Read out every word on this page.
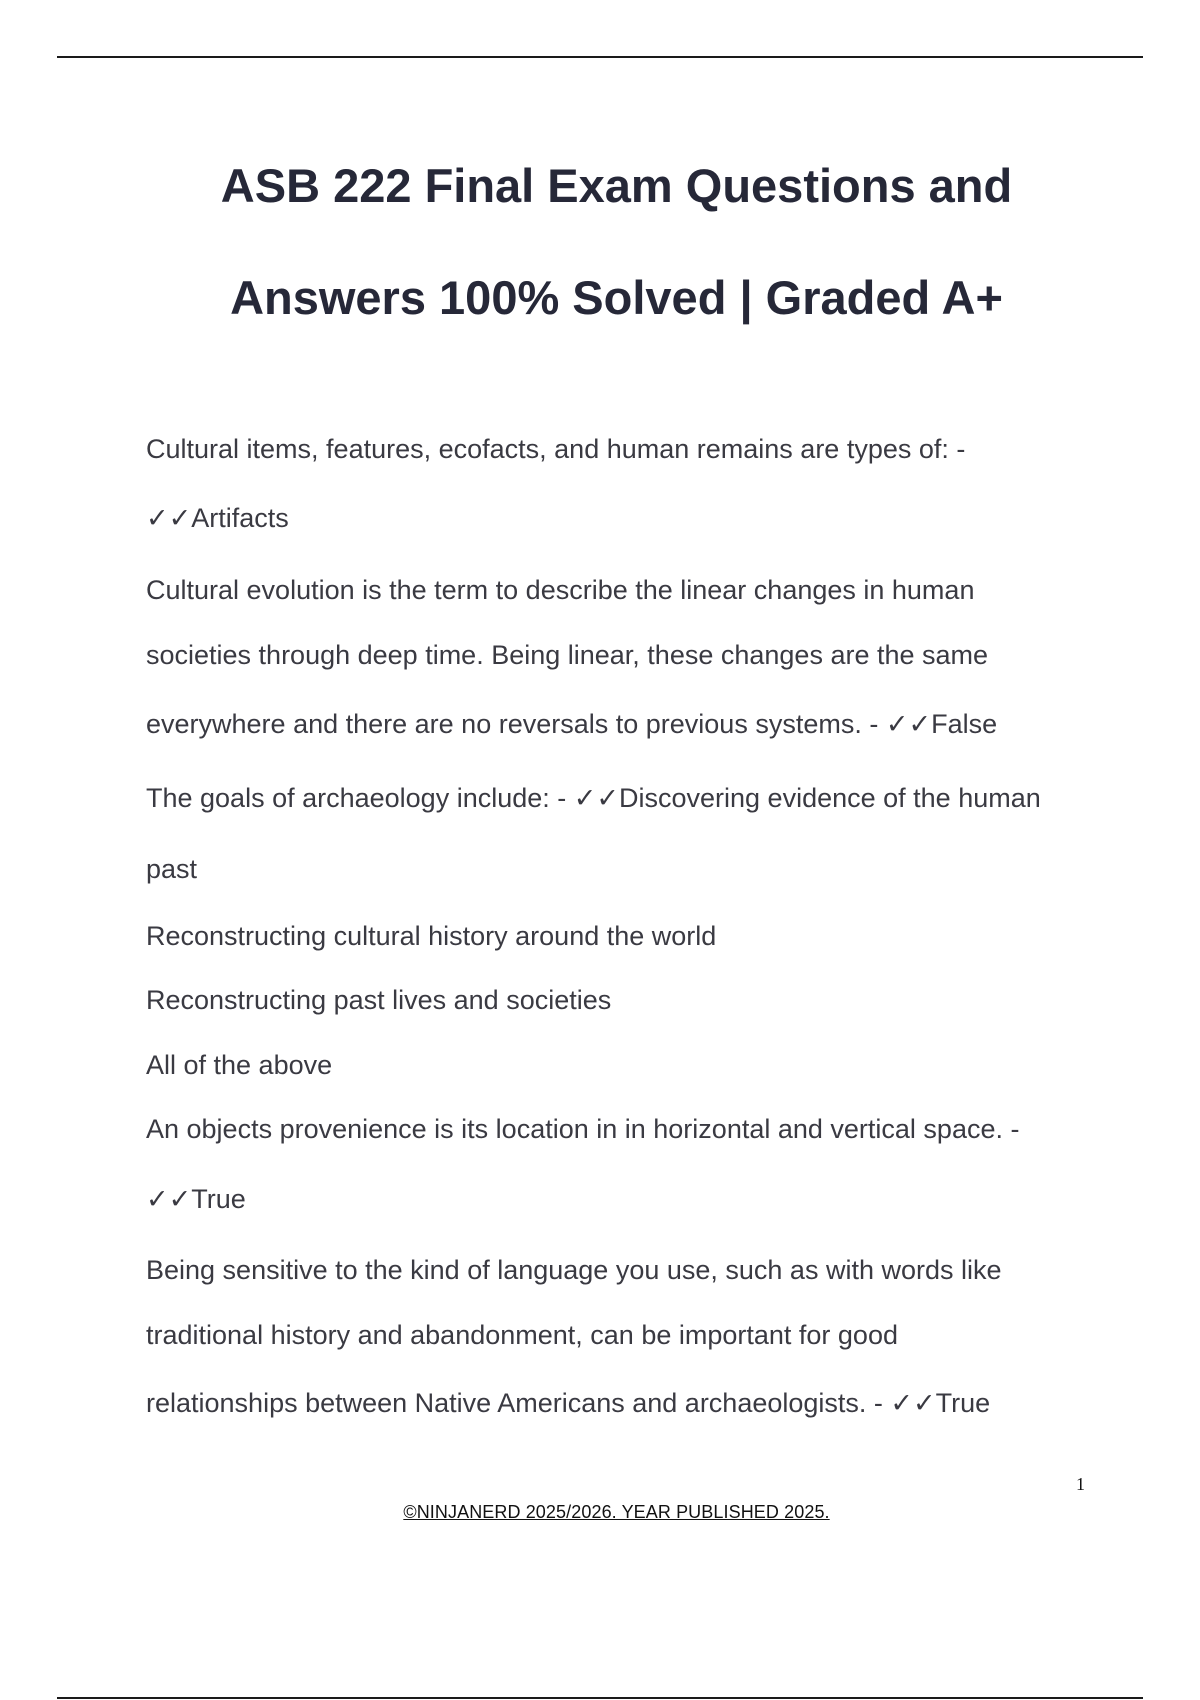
ASB 222 Final Exam Questions and
Answers 100% Solved | Graded A+
Cultural items, features, ecofacts, and human remains are types of: -
✓✓Artifacts
Cultural evolution is the term to describe the linear changes in human
societies through deep time. Being linear, these changes are the same
everywhere and there are no reversals to previous systems. - ✓✓False
The goals of archaeology include: - ✓✓Discovering evidence of the human
past
Reconstructing cultural history around the world
Reconstructing past lives and societies
All of the above
An objects provenience is its location in in horizontal and vertical space. -
✓✓True
Being sensitive to the kind of language you use, such as with words like
traditional history and abandonment, can be important for good
relationships between Native Americans and archaeologists. - ✓✓True
1
©NINJANERD 2025/2026. YEAR PUBLISHED 2025.
